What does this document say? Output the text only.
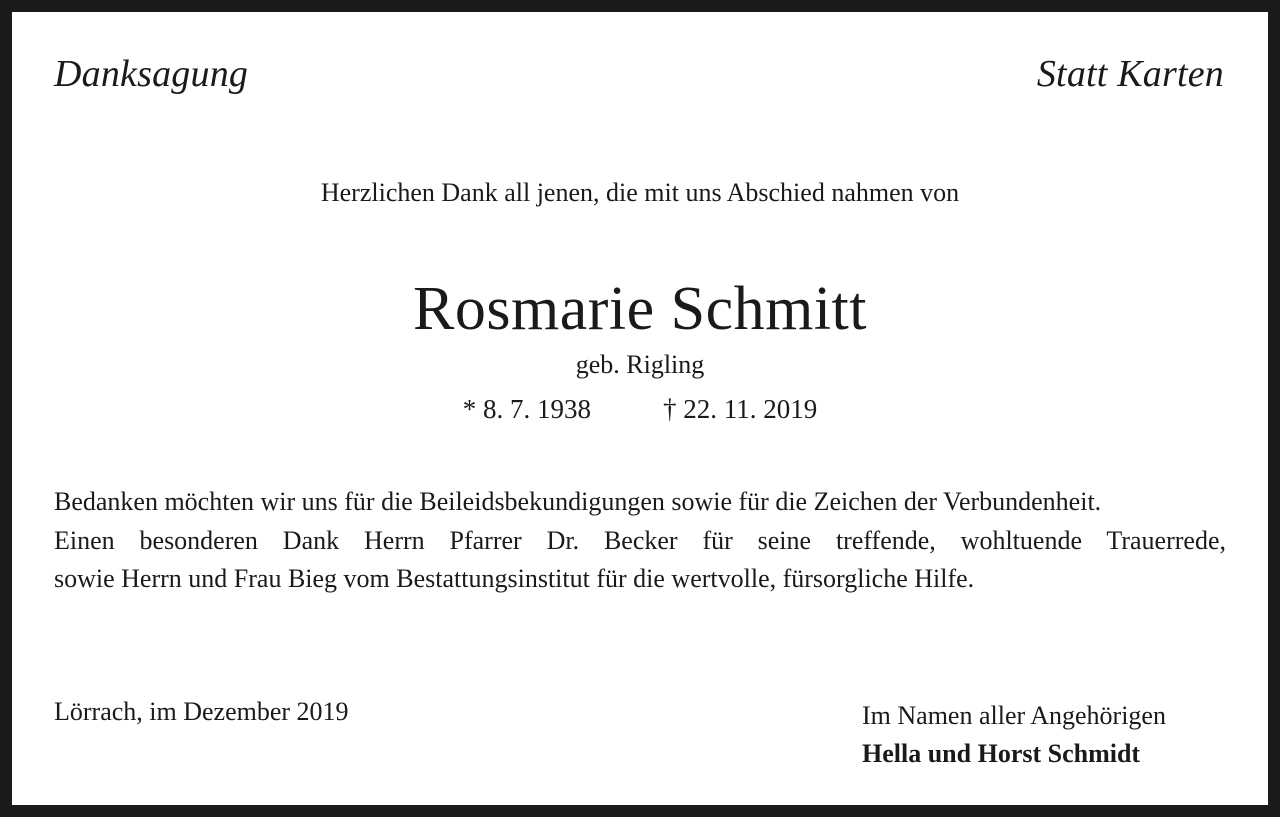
Danksagung	Statt Karten
Herzlichen Dank all jenen, die mit uns Abschied nahmen von
Rosmarie Schmitt
geb. Rigling
* 8. 7. 1938	† 22. 11. 2019

Bedanken möchten wir uns für die Beileidsbekundigungen sowie für die Zeichen der Verbundenheit.

Einen besonderen Dank Herrn Pfarrer Dr. Becker für seine treffende, wohltuende Trauerrede,

sowie Herrn und Frau Bieg vom Bestattungsinstitut für die wertvolle, fürsorgliche Hilfe.

Lörrach, im Dezember 2019	Im Namen aller Angehörigen
Hella und Horst Schmidt
